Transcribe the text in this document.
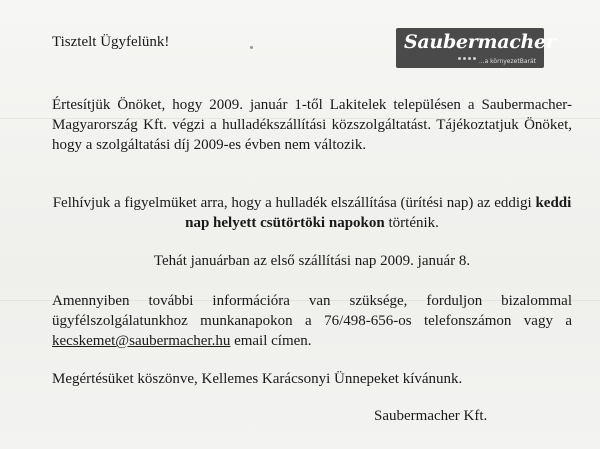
Tisztelt Ügyfelünk!	Saubermacher
...a környezetBarát
Értesítjük Önöket, hogy 2009. január 1-től Lakitelek településen a Saubermacher-Magyarország Kft. végzi a hulladékszállítási közszolgáltatást. Tájékoztatjuk Önöket, hogy a szolgáltatási díj 2009-es évben nem változik.
Felhívjuk a figyelmüket arra, hogy a hulladék elszállítása (ürítési nap) az eddigi keddi nap helyett csütörtöki napokon történik.
Tehát januárban az első szállítási nap 2009. január 8.
Amennyiben további információra van szüksége, forduljon bizalommal ügyfélszolgálatunkhoz munkanapokon a 76/498-656-os telefonszámon vagy a kecskemet@saubermacher.hu email címen.
Megértésüket köszönve, Kellemes Karácsonyi Ünnepeket kívánunk.
Saubermacher Kft.
